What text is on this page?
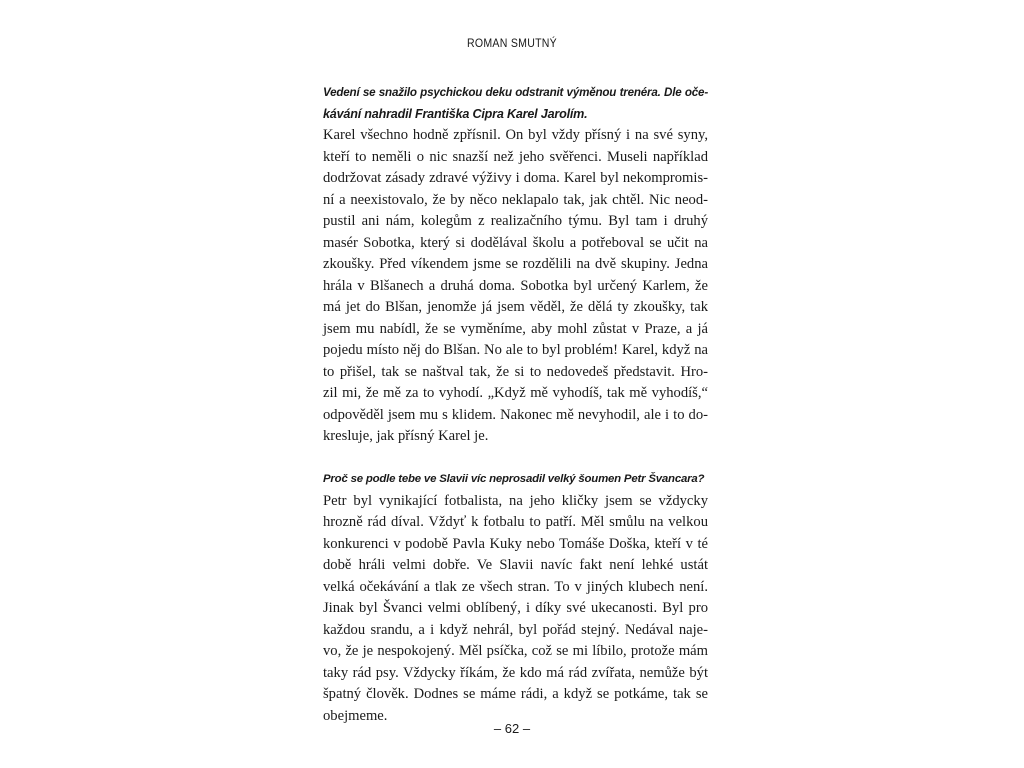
ROMAN SMUTNÝ
Vedení se snažilo psychickou deku odstranit výměnou trenéra. Dle oče-
kávání nahradil Františka Cipra Karel Jarolím.
Karel všechno hodně zpřísnil. On byl vždy přísný i na své syny,
kteří to neměli o nic snazší než jeho svěřenci. Museli například
dodržovat zásady zdravé výživy i doma. Karel byl nekompromis-
ní a neexistovalo, že by něco neklapalo tak, jak chtěl. Nic neod-
pustil ani nám, kolegům z realizačního týmu. Byl tam i druhý
masér Sobotka, který si dodělával školu a potřeboval se učit na
zkoušky. Před víkendem jsme se rozdělili na dvě skupiny. Jedna
hrála v Blšanech a druhá doma. Sobotka byl určený Karlem, že
má jet do Blšan, jenomže já jsem věděl, že dělá ty zkoušky, tak
jsem mu nabídl, že se vyměníme, aby mohl zůstat v Praze, a já
pojedu místo něj do Blšan. No ale to byl problém! Karel, když na
to přišel, tak se naštval tak, že si to nedovedeš představit. Hro-
zil mi, že mě za to vyhodí. „Když mě vyhodíš, tak mě vyhodíš,“
odpověděl jsem mu s klidem. Nakonec mě nevyhodil, ale i to do-
kresluje, jak přísný Karel je.
Proč se podle tebe ve Slavii víc neprosadil velký šoumen Petr Švancara?
Petr byl vynikající fotbalista, na jeho kličky jsem se vždycky
hrozně rád díval. Vždyť k fotbalu to patří. Měl smůlu na velkou
konkurenci v podobě Pavla Kuky nebo Tomáše Doška, kteří v té
době hráli velmi dobře. Ve Slavii navíc fakt není lehké ustát
velká očekávání a tlak ze všech stran. To v jiných klubech není.
Jinak byl Švanci velmi oblíbený, i díky své ukecanosti. Byl pro
každou srandu, a i když nehrál, byl pořád stejný. Nedával naje-
vo, že je nespokojený. Měl psíčka, což se mi líbilo, protože mám
taky rád psy. Vždycky říkám, že kdo má rád zvířata, nemůže být
špatný člověk. Dodnes se máme rádi, a když se potkáme, tak se
obejmeme.
– 62 –
